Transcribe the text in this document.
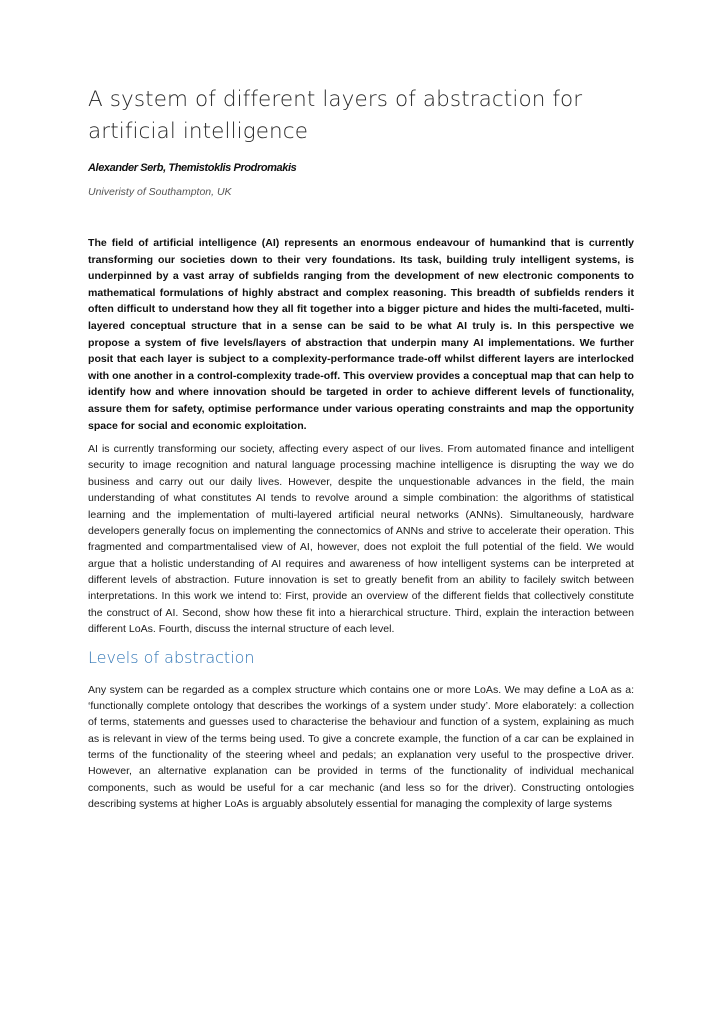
A system of different layers of abstraction for artificial intelligence
Alexander Serb, Themistoklis Prodromakis
Univeristy of Southampton, UK

The field of artificial intelligence (AI) represents an enormous endeavour of humankind that is currently transforming our societies down to their very foundations. Its task, building truly intelligent systems, is underpinned by a vast array of subfields ranging from the development of new electronic components to mathematical formulations of highly abstract and complex reasoning. This breadth of subfields renders it often difficult to understand how they all fit together into a bigger picture and hides the multi-faceted, multi-layered conceptual structure that in a sense can be said to be what AI truly is. In this perspective we propose a system of five levels/layers of abstraction that underpin many AI implementations. We further posit that each layer is subject to a complexity-performance trade-off whilst different layers are interlocked with one another in a control-complexity trade-off. This overview provides a conceptual map that can help to identify how and where innovation should be targeted in order to achieve different levels of functionality, assure them for safety, optimise performance under various operating constraints and map the opportunity space for social and economic exploitation.

AI is currently transforming our society, affecting every aspect of our lives. From automated finance and intelligent security to image recognition and natural language processing machine intelligence is disrupting the way we do business and carry out our daily lives. However, despite the unquestionable advances in the field, the main understanding of what constitutes AI tends to revolve around a simple combination: the algorithms of statistical learning and the implementation of multi-layered artificial neural networks (ANNs). Simultaneously, hardware developers generally focus on implementing the connectomics of ANNs and strive to accelerate their operation. This fragmented and compartmentalised view of AI, however, does not exploit the full potential of the field. We would argue that a holistic understanding of AI requires and awareness of how intelligent systems can be interpreted at different levels of abstraction. Future innovation is set to greatly benefit from an ability to facilely switch between interpretations. In this work we intend to: First, provide an overview of the different fields that collectively constitute the construct of AI. Second, show how these fit into a hierarchical structure. Third, explain the interaction between different LoAs. Fourth, discuss the internal structure of each level.

Levels of abstraction

Any system can be regarded as a complex structure which contains one or more LoAs. We may define a LoA as a: ‘functionally complete ontology that describes the workings of a system under study’. More elaborately: a collection of terms, statements and guesses used to characterise the behaviour and function of a system, explaining as much as is relevant in view of the terms being used. To give a concrete example, the function of a car can be explained in terms of the functionality of the steering wheel and pedals; an explanation very useful to the prospective driver. However, an alternative explanation can be provided in terms of the functionality of individual mechanical components, such as would be useful for a car mechanic (and less so for the driver). Constructing ontologies describing systems at higher LoAs is arguably absolutely essential for managing the complexity of large systems
